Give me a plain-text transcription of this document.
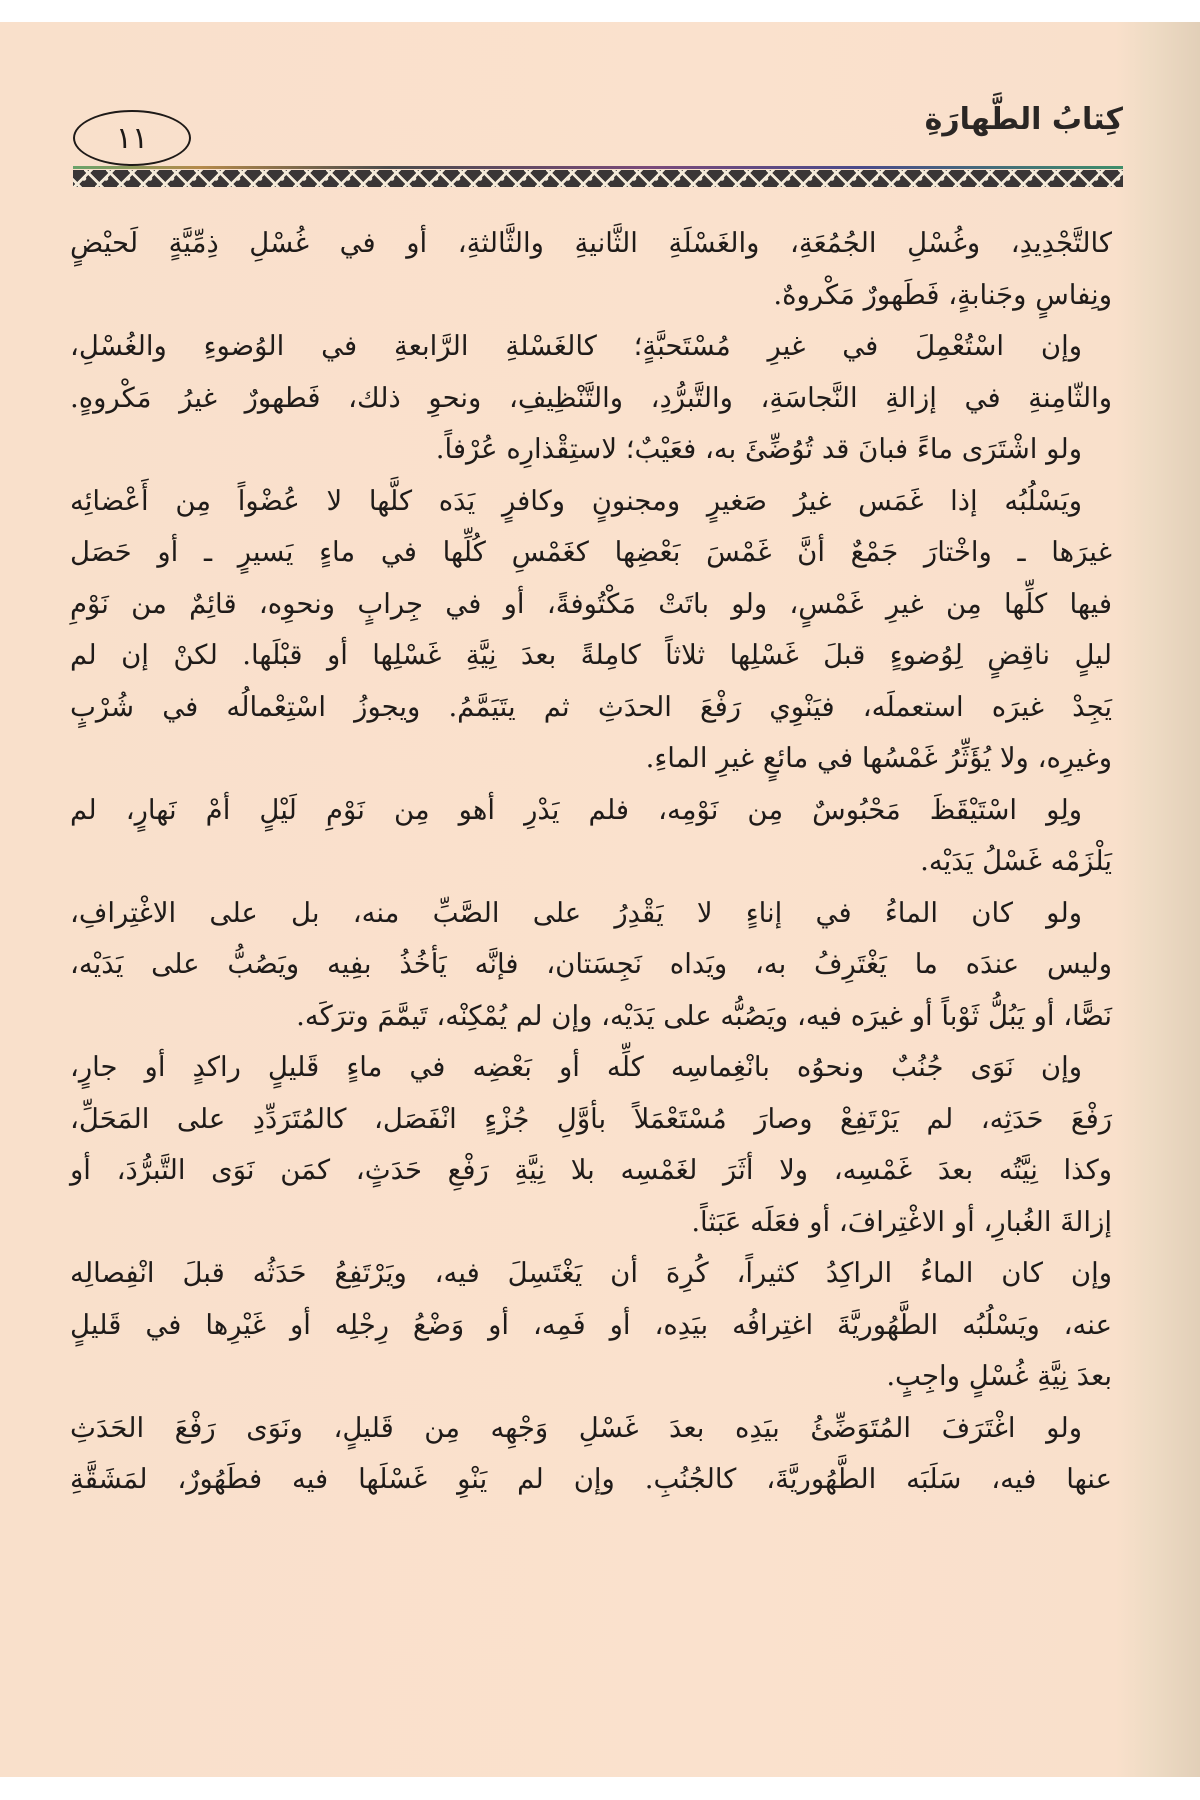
١١
كِتابُ الطَّهارَةِ
كالتَّجْدِيدِ، وغُسْلِ الجُمُعَةِ، والغَسْلَةِ الثَّانيةِ والثَّالثةِ، أو في غُسْلِ ذِمِّيَّةٍ لَحيْضٍ
ونِفاسٍ وجَنابةٍ، فَطَهورٌ مَكْروهٌ.
وإن اسْتُعْمِلَ في غيرِ مُسْتَحبَّةٍ؛ كالغَسْلةِ الرَّابعةِ في الوُضوءِ والغُسْلِ،
والثّامِنةِ في إزالةِ النَّجاسَةِ، والتَّبرُّدِ، والتَّنْظِيفِ، ونحوِ ذلك، فَطهورٌ غيرُ مَكْروهٍ.
ولو اشْتَرَى ماءً فبانَ قد تُوُضِّئَ به، فعَيْبٌ؛ لاستِقْذارِه عُرْفاً.
ويَسْلُبُه إذا غَمَس غيرُ صَغيرٍ ومجنونٍ وكافرٍ يَدَه كلَّها لا عُضْواً مِن أَعْضائِه
غيرَها ـ واخْتارَ جَمْعٌ أنَّ غَمْسَ بَعْضِها كغَمْسِ كُلِّها في ماءٍ يَسيرٍ ـ أو حَصَل
فيها كلِّها مِن غيرِ غَمْسٍ، ولو باتَتْ مَكْتُوفةً، أو في جِرابٍ ونحوِه، قائِمٌ من نَوْمِ
ليلٍ ناقِضٍ لِوُضوءٍ قبلَ غَسْلِها ثلاثاً كامِلةً بعدَ نِيَّةِ غَسْلِها أو قبْلَها. لكنْ إن لم
يَجِدْ غيرَه استعملَه، فيَنْوِي رَفْعَ الحدَثِ ثم يتَيَمَّمُ. ويجوزُ اسْتِعْمالُه في شُرْبٍ
وغيرِه، ولا يُؤَثِّرُ غَمْسُها في مائعٍ غيرِ الماءِ.
ولِو اسْتَيْقَظَ مَحْبُوسٌ مِن نَوْمِه، فلم يَدْرِ أهو مِن نَوْمِ لَيْلٍ أمْ نَهارٍ، لم
يَلْزَمْه غَسْلُ يَدَيْه.
ولو كان الماءُ في إناءٍ لا يَقْدِرُ على الصَّبِّ منه، بل على الاغْتِرافِ،
وليس عندَه ما يَغْتَرِفُ به، ويَداه نَجِسَتان، فإنَّه يَأخُذُ بفِيه ويَصُبُّ على يَدَيْه،
نَصًّا، أو يَبُلُّ ثَوْباً أو غيرَه فيه، ويَصُبُّه على يَدَيْه، وإن لم يُمْكِنْه، تَيمَّمَ وترَكَه.
وإن نَوَى جُنُبٌ ونحوُه بانْغِماسِه كلِّه أو بَعْضِه في ماءٍ قَليلٍ راكدٍ أو جارٍ،
رَفْعَ حَدَثِه، لم يَرْتَفِعْ وصارَ مُسْتَعْمَلاً بأوَّلِ جُزْءٍ انْفَصَل، كالمُتَرَدِّدِ على المَحَلِّ،
وكذا نِيَّتُه بعدَ غَمْسِه، ولا أثَرَ لغَمْسِه بلا نِيَّةِ رَفْعِ حَدَثٍ، كمَن نَوَى التَّبرُّدَ، أو
إزالةَ الغُبارِ، أو الاغْتِرافَ، أو فعَلَه عَبَثاً.
وإن كان الماءُ الراكِدُ كثيراً، كُرِهَ أن يَغْتَسِلَ فيه، ويَرْتَفِعُ حَدَثُه قبلَ انْفِصالِه
عنه، ويَسْلُبُه الطَّهُوريَّةَ اغتِرافُه بيَدِه، أو فَمِه، أو وَضْعُ رِجْلِه أو غَيْرِها في قَليلٍ
بعدَ نِيَّةِ غُسْلٍ واجِبٍ.
ولو اغْتَرَفَ المُتَوَضِّئُ بيَدِه بعدَ غَسْلِ وَجْهِه مِن قَليلٍ، ونَوَى رَفْعَ الحَدَثِ
عنها فيه، سَلَبَه الطَّهُوريَّةَ، كالجُنُبِ. وإن لم يَنْوِ غَسْلَها فيه فطَهُورٌ، لمَشَقَّةِ
